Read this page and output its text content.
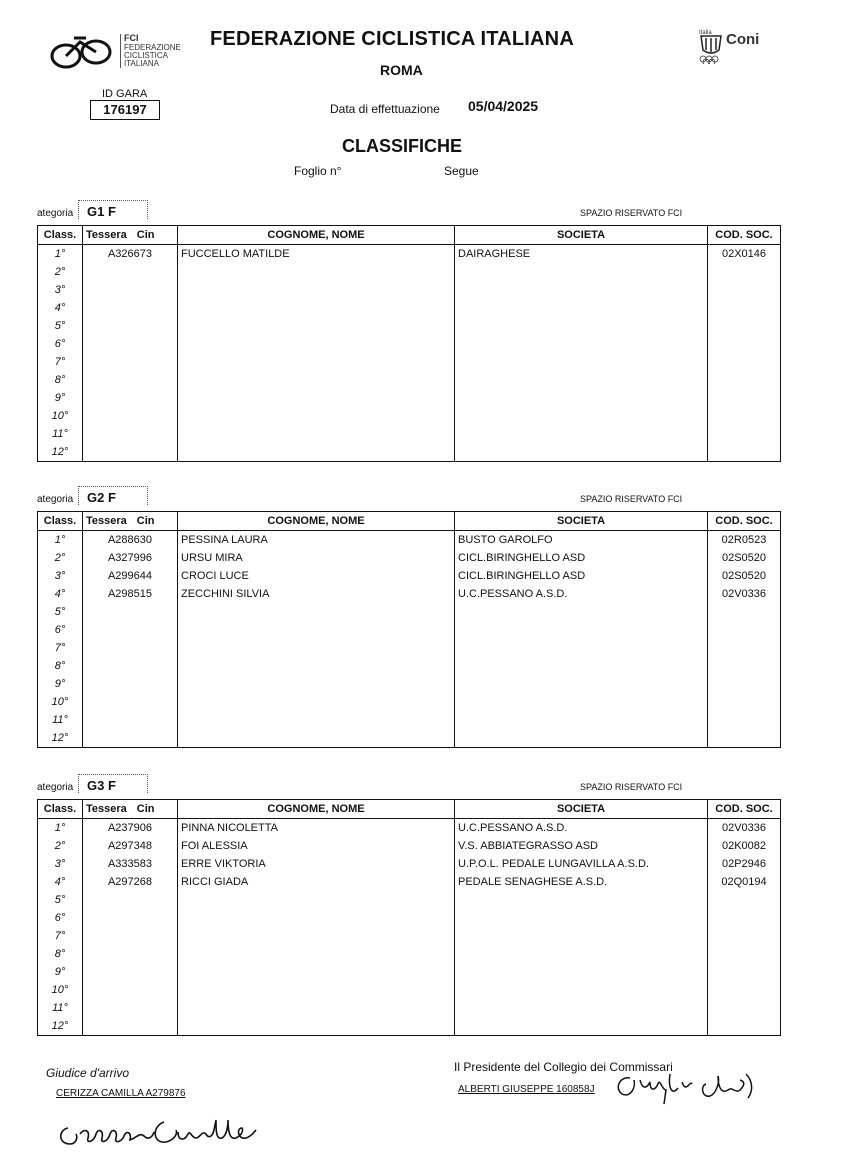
FCI
FEDERAZIONE
CICLISTICA
ITALIANA
FEDERAZIONE CICLISTICA ITALIANA
ROMA
Italia Coni
ID GARA
176197	Data di effettuazione 05/04/2025
CLASSIFICHE
Foglio n°	Segue
ategoria	G1 F	SPAZIO RISERVATO FCI
Class.	Tessera Cin	COGNOME, NOME	SOCIETA	COD. SOC.
1°	A326673	FUCCELLO MATILDE	DAIRAGHESE	02X0146
2°				
3°				
4°				
5°				
6°				
7°				
8°				
9°				
10°				
11°				
12°				
ategoria	G2 F	SPAZIO RISERVATO FCI
Class.	Tessera Cin	COGNOME, NOME	SOCIETA	COD. SOC.
1°	A288630	PESSINA LAURA	BUSTO GAROLFO	02R0523
2°	A327996	URSU MIRA	CICL.BIRINGHELLO ASD	02S0520
3°	A299644	CROCI LUCE	CICL.BIRINGHELLO ASD	02S0520
4°	A298515	ZECCHINI SILVIA	U.C.PESSANO A.S.D.	02V0336
5°				
6°				
7°				
8°				
9°				
10°				
11°				
12°				
ategoria	G3 F	SPAZIO RISERVATO FCI
Class.	Tessera Cin	COGNOME, NOME	SOCIETA	COD. SOC.
1°	A237906	PINNA NICOLETTA	U.C.PESSANO A.S.D.	02V0336
2°	A297348	FOI ALESSIA	V.S. ABBIATEGRASSO ASD	02K0082
3°	A333583	ERRE VIKTORIA	U.P.O.L. PEDALE LUNGAVILLA A.S.D.	02P2946
4°	A297268	RICCI GIADA	PEDALE SENAGHESE A.S.D.	02Q0194
5°				
6°				
7°				
8°				
9°				
10°				
11°				
12°				
Giudice d'arrivo
CERIZZA CAMILLA A279876
Il Presidente del Collegio dei Commissari
ALBERTI GIUSEPPE 160858J
